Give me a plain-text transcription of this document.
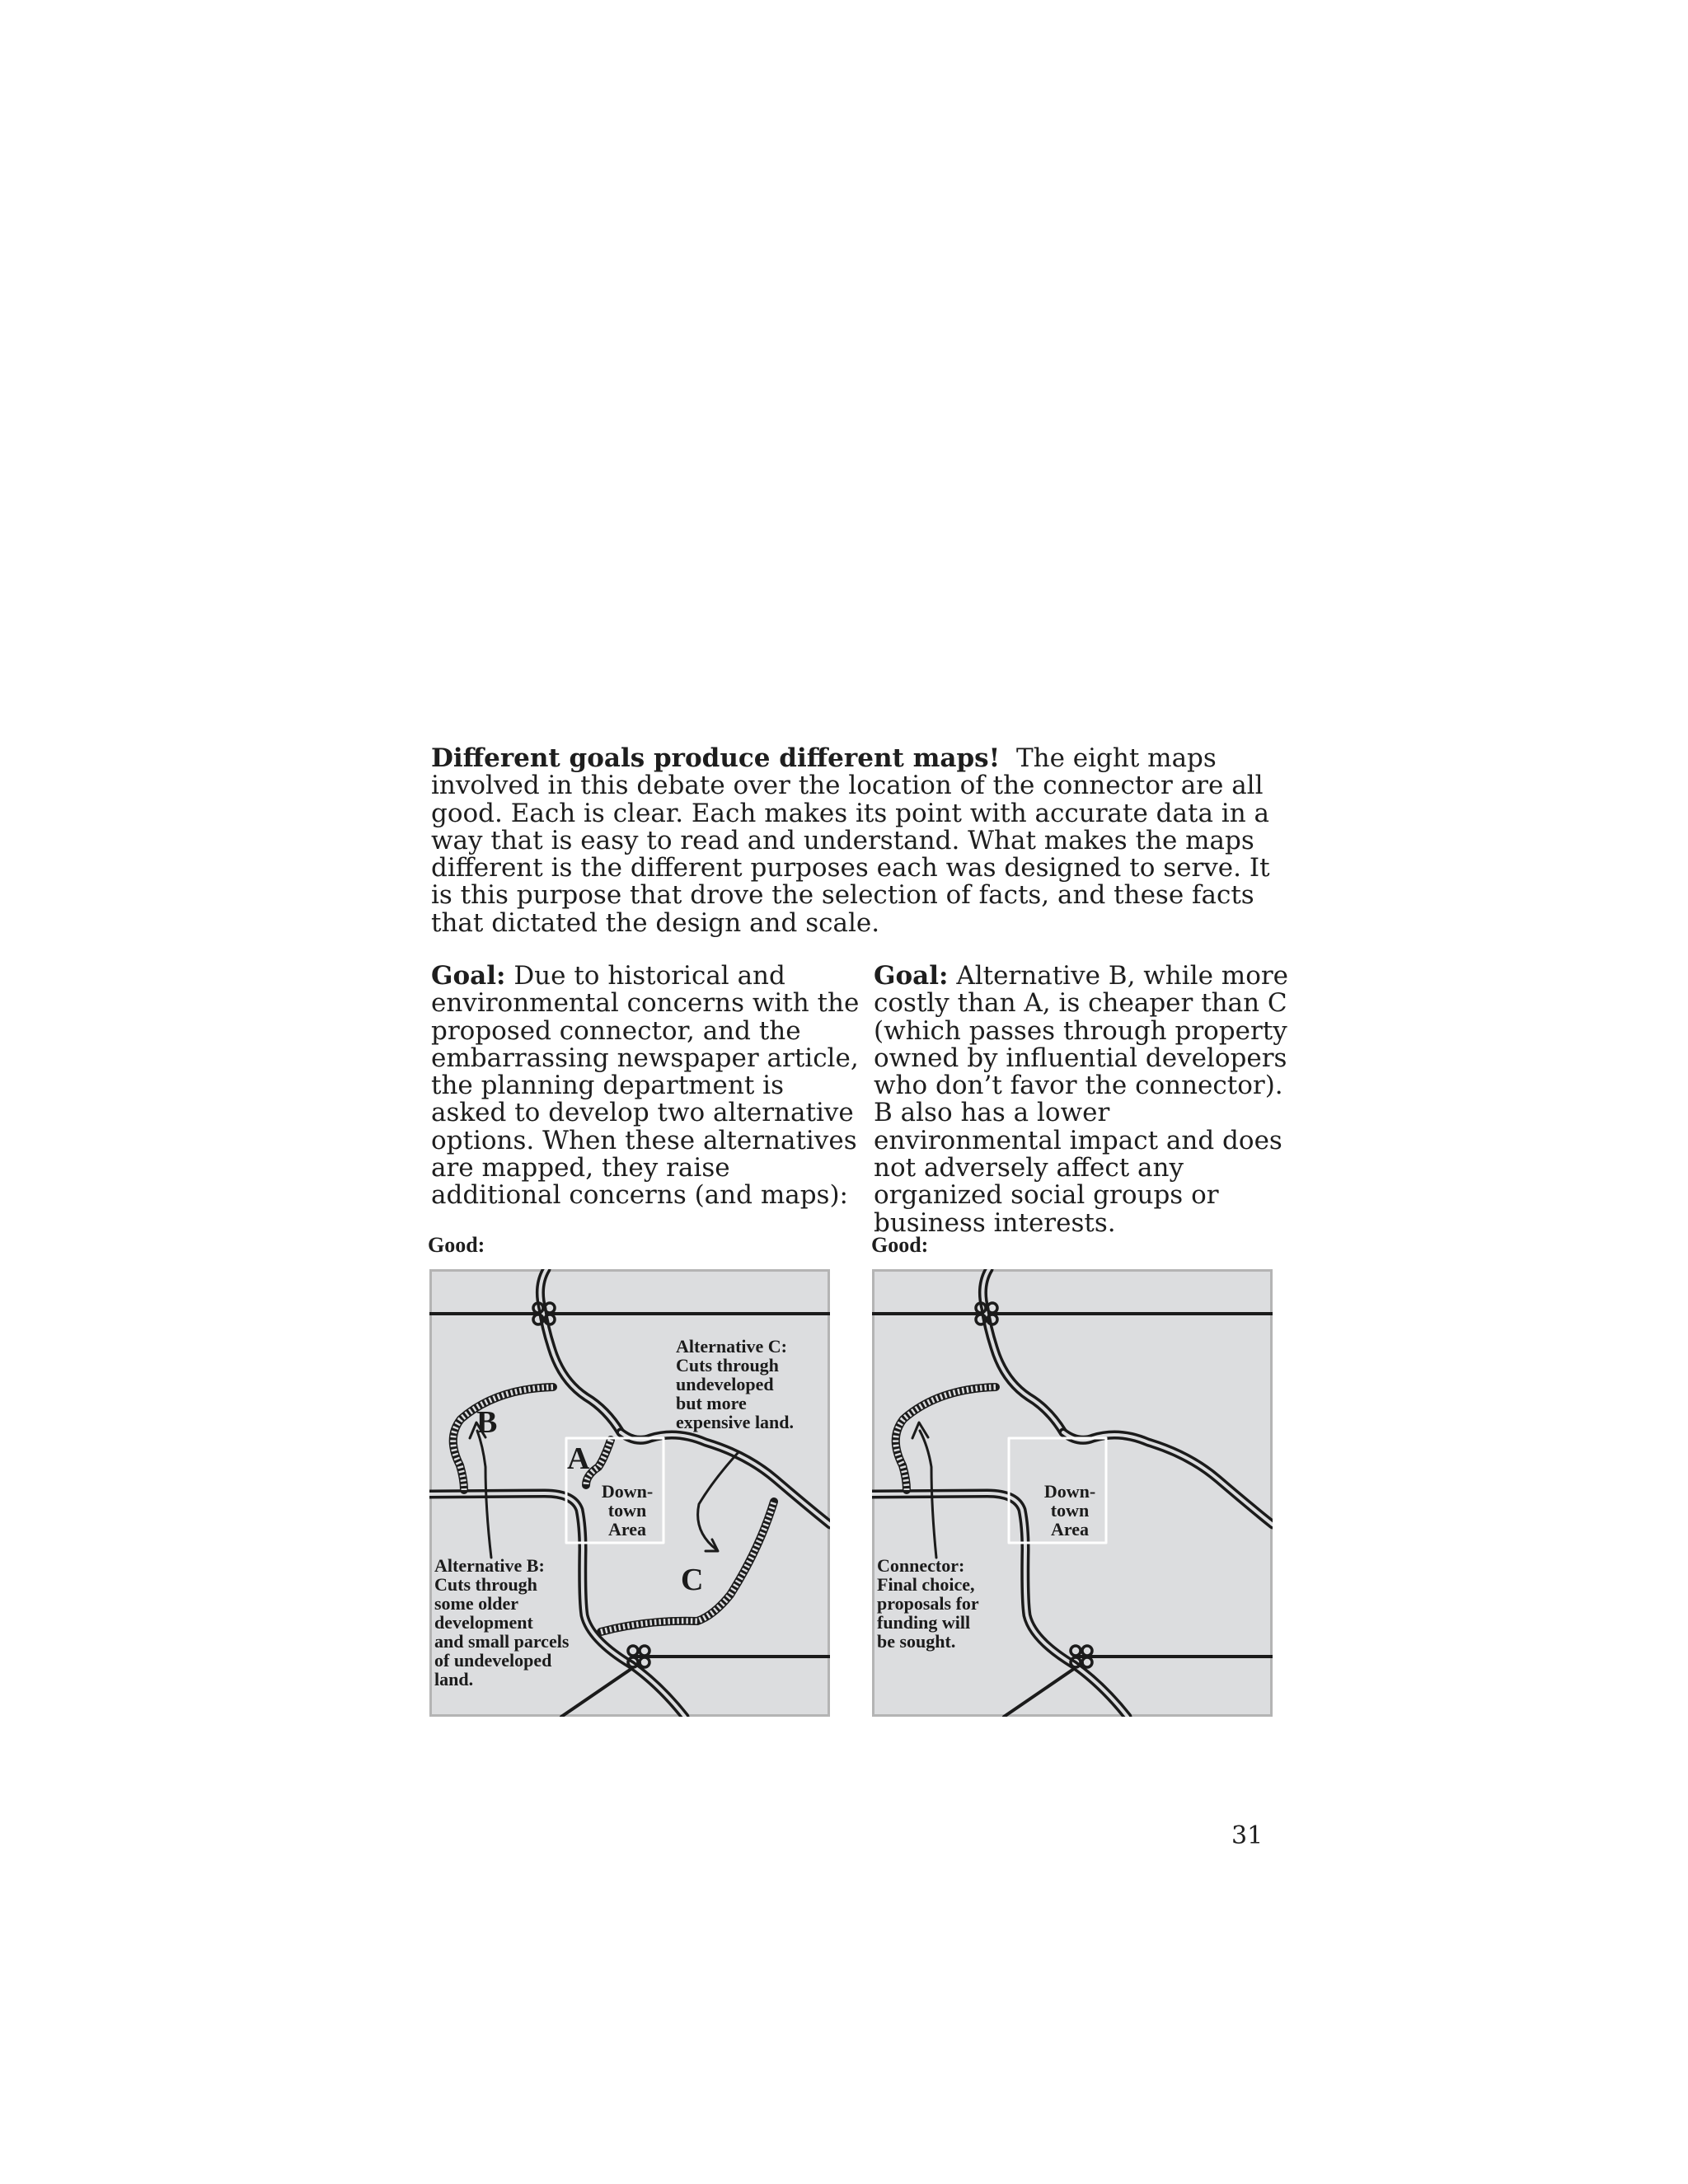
Different goals produce different maps! The eight maps involved in this debate over the location of the connector are all good. Each is clear. Each makes its point with accurate data in a way that is easy to read and understand. What makes the maps different is the different purposes each was designed to serve. It is this purpose that drove the selection of facts, and these facts that dictated the design and scale.

Goal: Due to historical and environmental concerns with the proposed connector, and the embarrassing newspaper article, the planning department is asked to develop two alternative options. When these alternatives are mapped, they raise additional concerns (and maps):

Goal: Alternative B, while more costly than A, is cheaper than C (which passes through property owned by influential developers who don’t favor the connector). B also has a lower environmental impact and does not adversely affect any organized social groups or business interests.

Good:	Good:
B
A
C
Down-
town
Area
Alternative C:
Cuts through
undeveloped
but more
expensive land.
Alternative B:
Cuts through
some older
development
and small parcels
of undeveloped
land.
Down-
town
Area
Connector:
Final choice,
proposals for
funding will
be sought.
31
